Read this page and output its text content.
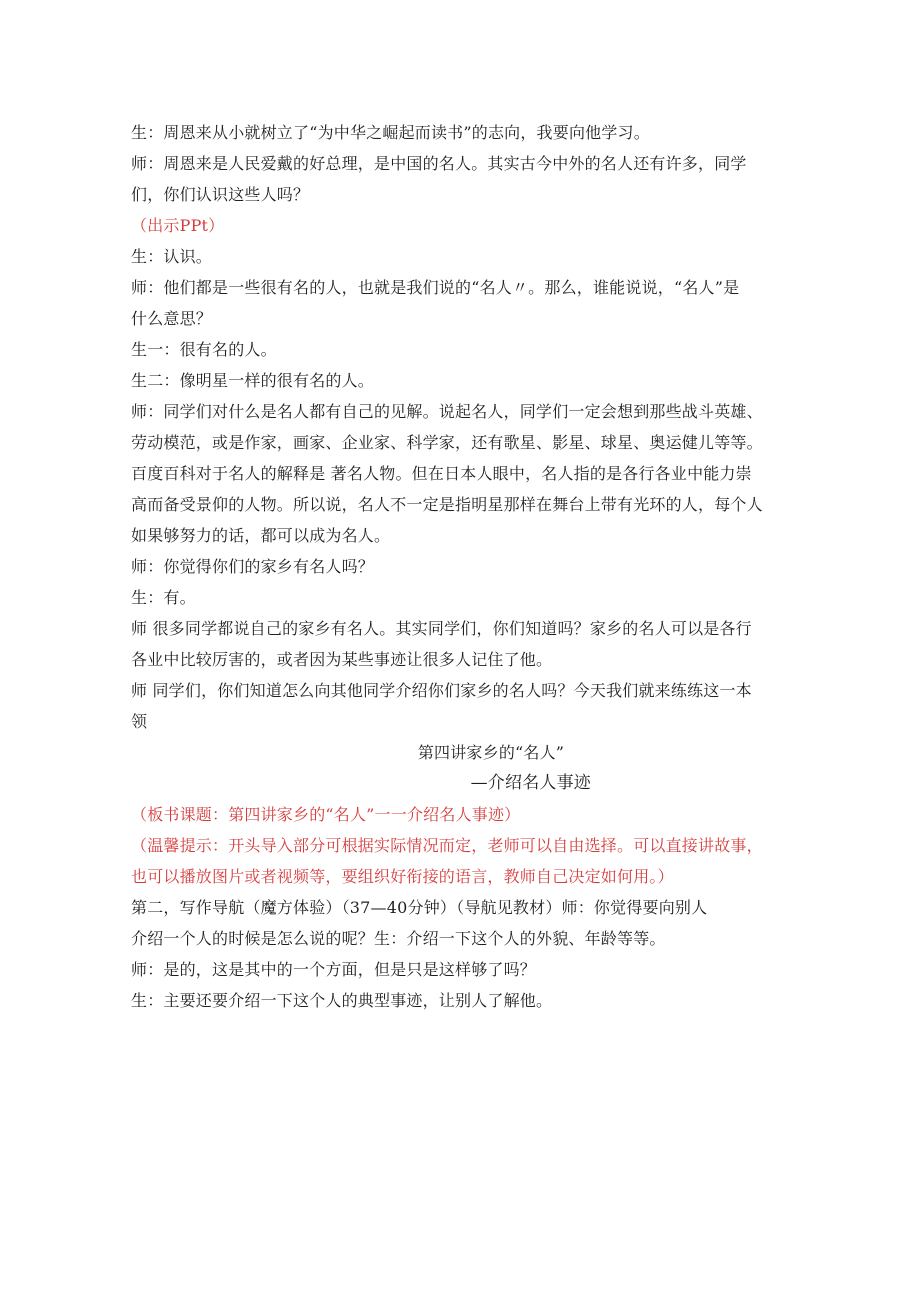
生：周恩来从小就树立了“为中华之崛起而读书”的志向，我要向他学习。
师：周恩来是人民爱戴的好总理，是中国的名人。其实古今中外的名人还有许多，同学
们，你们认识这些人吗？
（出示PPt）
生：认识。
师：他们都是一些很有名的人，也就是我们说的“名人〃。那么，谁能说说，“名人”是
什么意思？
生一：很有名的人。
生二：像明星一样的很有名的人。
师：同学们对什么是名人都有自己的见解。说起名人，同学们一定会想到那些战斗英雄、
劳动模范，或是作家，画家、企业家、科学家，还有歌星、影星、球星、奥运健儿等等。
百度百科对于名人的解释是 著名人物。但在日本人眼中，名人指的是各行各业中能力崇
高而备受景仰的人物。所以说，名人不一定是指明星那样在舞台上带有光环的人，每个人
如果够努力的话，都可以成为名人。
师：你觉得你们的家乡有名人吗？
生：有。
师 很多同学都说自己的家乡有名人。其实同学们，你们知道吗？家乡的名人可以是各行
各业中比较厉害的，或者因为某些事迹让很多人记住了他。
师 同学们，你们知道怎么向其他同学介绍你们家乡的名人吗？今天我们就来练练这一本
领
第四讲家乡的“名人”
—介绍名人事迹
（板书课题：第四讲家乡的“名人”一一介绍名人事迹）
（温馨提示：开头导入部分可根据实际情况而定，老师可以自由选择。可以直接讲故事，
也可以播放图片或者视频等，要组织好衔接的语言，教师自己决定如何用。）
第二，写作导航（魔方体验）（37—40分钟）（导航见教材）师：你觉得要向别人
介绍一个人的时候是怎么说的呢？生：介绍一下这个人的外貌、年龄等等。
师：是的，这是其中的一个方面，但是只是这样够了吗？
生：主要还要介绍一下这个人的典型事迹，让别人了解他。
